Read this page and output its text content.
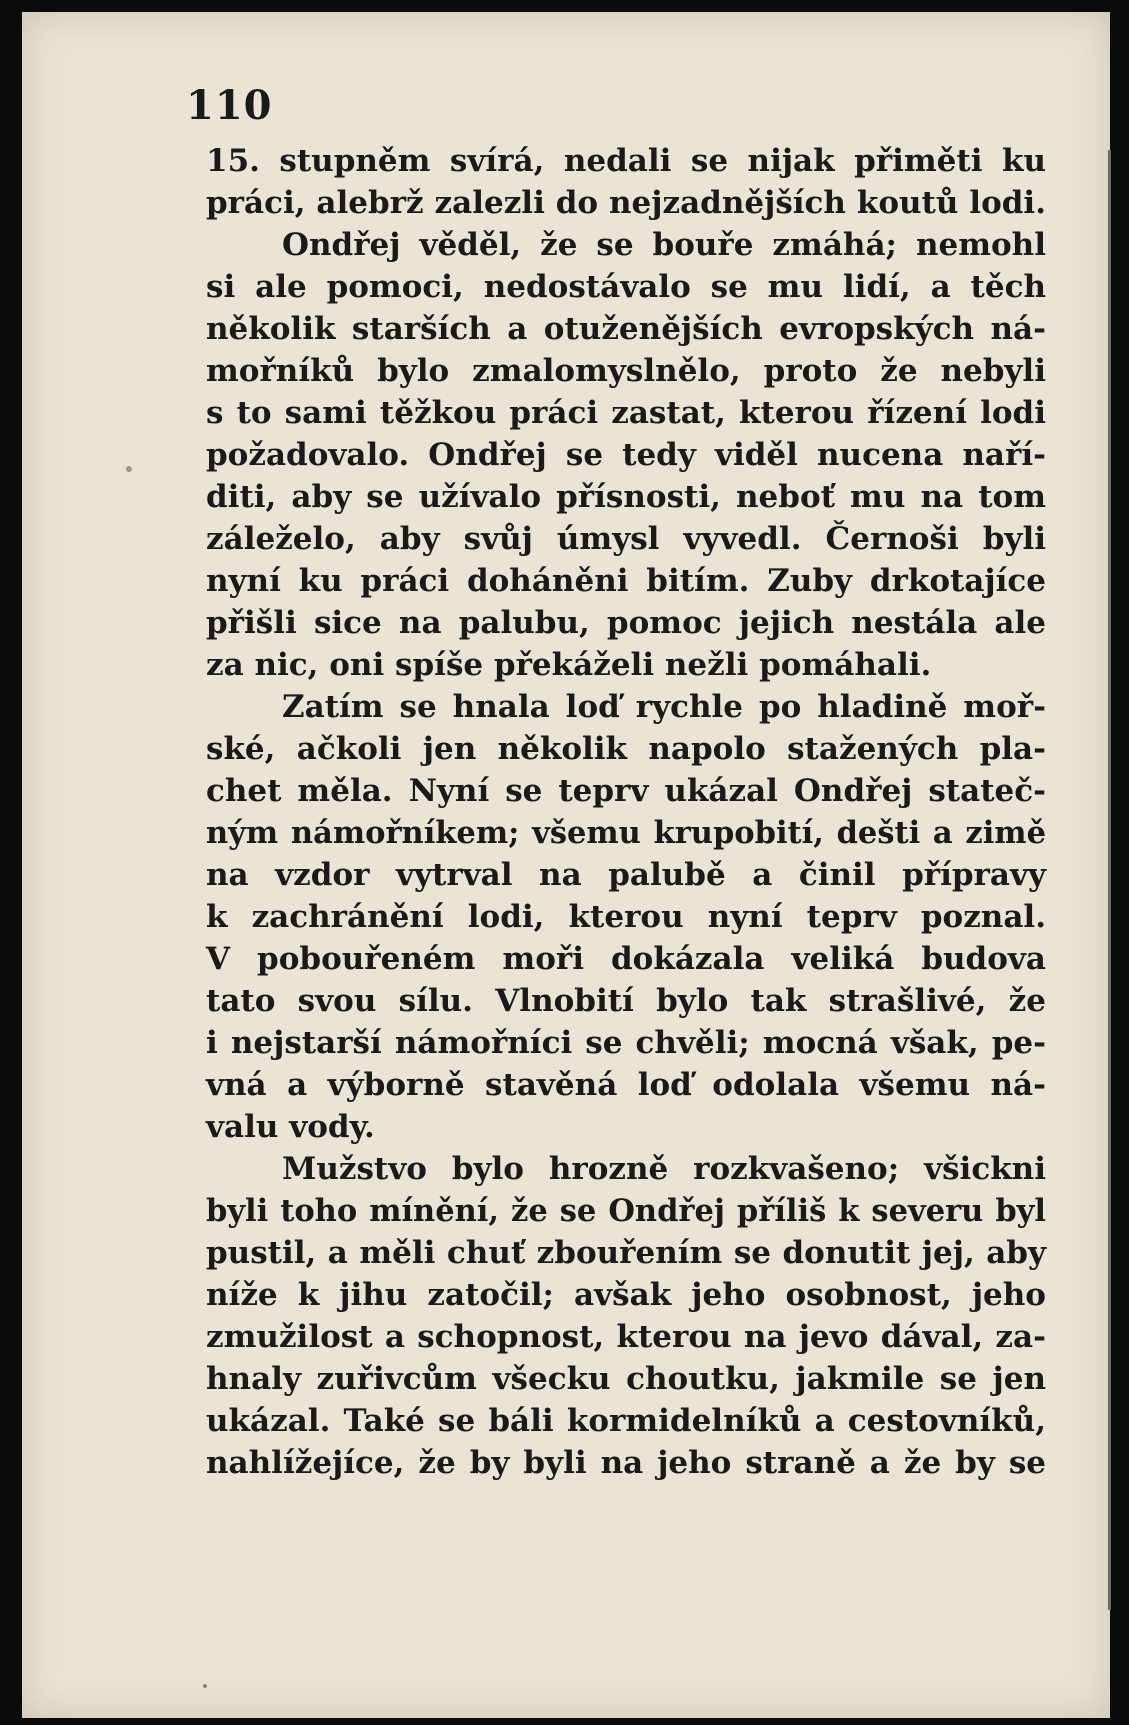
110
15. stupněm svírá, nedali se nijak přiměti ku
práci, alebrž zalezli do nejzadnějších koutů lodi.
Ondřej věděl, že se bouře zmáhá; nemohl
si ale pomoci, nedostávalo se mu lidí, a těch
několik starších a otuženějších evropských ná-
mořníků bylo zmalomyslnělo, proto že nebyli
s to sami těžkou práci zastat, kterou řízení lodi
požadovalo. Ondřej se tedy viděl nucena naří-
diti, aby se užívalo přísnosti, neboť mu na tom
záleželo, aby svůj úmysl vyvedl. Černoši byli
nyní ku práci doháněni bitím. Zuby drkotajíce
přišli sice na palubu, pomoc jejich nestála ale
za nic, oni spíše překáželi nežli pomáhali.
Zatím se hnala loď rychle po hladině moř-
ské, ačkoli jen několik napolo stažených pla-
chet měla. Nyní se teprv ukázal Ondřej stateč-
ným námořníkem; všemu krupobití, dešti a zimě
na vzdor vytrval na palubě a činil přípravy
k zachránění lodi, kterou nyní teprv poznal.
V pobouřeném moři dokázala veliká budova
tato svou sílu. Vlnobití bylo tak strašlivé, že
i nejstarší námořníci se chvěli; mocná však, pe-
vná a výborně stavěná loď odolala všemu ná-
valu vody.
Mužstvo bylo hrozně rozkvašeno; všickni
byli toho mínění, že se Ondřej příliš k severu byl
pustil, a měli chuť zbouřením se donutit jej, aby
níže k jihu zatočil; avšak jeho osobnost, jeho
zmužilost a schopnost, kterou na jevo dával, za-
hnaly zuřivcům všecku choutku, jakmile se jen
ukázal. Také se báli kormidelníků a cestovníků,
nahlížejíce, že by byli na jeho straně a že by se
